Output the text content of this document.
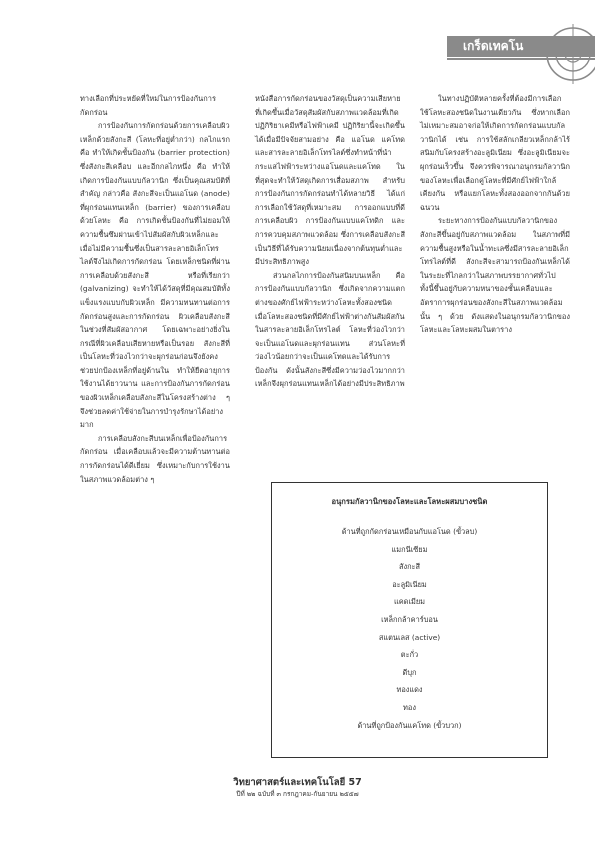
เกร็ดเทคโน

ทางเลือกที่ประหยัดที่ใหม่ในการป้องกันการกัดกร่อน

การป้องกันการกัดกร่อนด้วยการเคลือบผิวเหล็กด้วยสังกะสี (โลหะที่อยู่ต่ำกว่า) กลไกแรก คือ ทำให้เกิดชั้นป้องกัน (barrier protection) ซึ่งสังกะสีเคลือบ และอีกกลไกหนึ่ง คือ ทำให้เกิดการป้องกันแบบกัลวานิก ซึ่งเป็นคุณสมบัติที่สำคัญ กล่าวคือ สังกะสีจะเป็นแอโนด (anode) ที่ผุกร่อนแทนเหล็ก (barrier) ของการเคลือบด้วยโลหะ คือ การเกิดชั้นป้องกันที่ไม่ยอมให้ความชื้นซึมผ่านเข้าไปสัมผัสกับผิวเหล็กและเมื่อไม่มีความชื้นซึ่งเป็นสารละลายอิเล็กโทรไลต์จึงไม่เกิดการกัดกร่อน โดยเหล็กชนิดที่ผ่านการเคลือบด้วยสังกะสี หรือที่เรียกว่า (galvanizing) จะทำให้ได้วัสดุที่มีคุณสมบัติทั้งแข็งแรงแบบกับผิวเหล็ก มีความทนทานต่อการกัดกร่อนสูงและการกัดกร่อน ผิวเคลือบสังกะสีในช่วงที่สัมผัสอากาศ โดยเฉพาะอย่างยิ่งในกรณีที่ผิวเคลือบเสียหายหรือเป็นรอย สังกะสีที่เป็นโลหะที่ว่องไวกว่าจะผุกร่อนก่อนจึงยังคงช่วยปกป้องเหล็กที่อยู่ด้านใน ทำให้ยืดอายุการใช้งานได้ยาวนาน และการป้องกันการกัดกร่อนของผิวเหล็กเคลือบสังกะสีในโครงสร้างต่าง ๆ จึงช่วยลดค่าใช้จ่ายในการบำรุงรักษาได้อย่างมาก

การเคลือบสังกะสีบนเหล็กเพื่อป้องกันการกัดกร่อน เมื่อเคลือบแล้วจะมีความต้านทานต่อการกัดกร่อนได้ดีเยี่ยม ซึ่งเหมาะกับการใช้งานในสภาพแวดล้อมต่าง ๆ

หนังสือการกัดกร่อนของวัสดุเป็นความเสียหายที่เกิดขึ้นเมื่อวัสดุสัมผัสกับสภาพแวดล้อมที่เกิดปฏิกิริยาเคมีหรือไฟฟ้าเคมี ปฏิกิริยานี้จะเกิดขึ้นได้เมื่อมีปัจจัยสามอย่าง คือ แอโนด แคโทด และสารละลายอิเล็กโทรไลต์ซึ่งทำหน้าที่นำกระแสไฟฟ้าระหว่างแอโนดและแคโทด ในที่สุดจะทำให้วัสดุเกิดการเสื่อมสภาพ สำหรับการป้องกันการกัดกร่อนทำได้หลายวิธี ได้แก่ การเลือกใช้วัสดุที่เหมาะสม การออกแบบที่ดี การเคลือบผิว การป้องกันแบบแคโทดิก และการควบคุมสภาพแวดล้อม ซึ่งการเคลือบสังกะสีเป็นวิธีที่ได้รับความนิยมเนื่องจากต้นทุนต่ำและมีประสิทธิภาพสูง

ส่วนกลไกการป้องกันสนิมบนเหล็ก คือ การป้องกันแบบกัลวานิก ซึ่งเกิดจากความแตกต่างของศักย์ไฟฟ้าระหว่างโลหะทั้งสองชนิด เมื่อโลหะสองชนิดที่มีศักย์ไฟฟ้าต่างกันสัมผัสกันในสารละลายอิเล็กโทรไลต์ โลหะที่ว่องไวกว่าจะเป็นแอโนดและผุกร่อนแทน ส่วนโลหะที่ว่องไวน้อยกว่าจะเป็นแคโทดและได้รับการป้องกัน ดังนั้นสังกะสีซึ่งมีความว่องไวมากกว่าเหล็กจึงผุกร่อนแทนเหล็กได้อย่างมีประสิทธิภาพ

ในทางปฏิบัติหลายครั้งที่ต้องมีการเลือกใช้โลหะสองชนิดในงานเดียวกัน ซึ่งหากเลือกไม่เหมาะสมอาจก่อให้เกิดการกัดกร่อนแบบกัลวานิกได้ เช่น การใช้สลักเกลียวเหล็กกล้าไร้สนิมกับโครงสร้างอะลูมิเนียม ซึ่งอะลูมิเนียมจะผุกร่อนเร็วขึ้น จึงควรพิจารณาอนุกรมกัลวานิกของโลหะเพื่อเลือกคู่โลหะที่มีศักย์ไฟฟ้าใกล้เคียงกัน หรือแยกโลหะทั้งสองออกจากกันด้วยฉนวน

ระยะทางการป้องกันแบบกัลวานิกของสังกะสีขึ้นอยู่กับสภาพแวดล้อม ในสภาพที่มีความชื้นสูงหรือในน้ำทะเลซึ่งมีสารละลายอิเล็กโทรไลต์ที่ดี สังกะสีจะสามารถป้องกันเหล็กได้ในระยะที่ไกลกว่าในสภาพบรรยากาศทั่วไป ทั้งนี้ขึ้นอยู่กับความหนาของชั้นเคลือบและอัตราการผุกร่อนของสังกะสีในสภาพแวดล้อมนั้น ๆ ด้วย ดังแสดงในอนุกรมกัลวานิกของโลหะและโลหะผสมในตาราง

อนุกรมกัลวานิกของโลหะและโลหะผสมบางชนิด
ด้านที่ถูกกัดกร่อนเหมือนกับแอโนด (ขั้วลบ)
แมกนีเซียม
สังกะสี
อะลูมิเนียม
แคดเมียม
เหล็กกล้าคาร์บอน
สแตนเลส (active)
ตะกั่ว
ดีบุก
ทองแดง
ทอง
ด้านที่ถูกป้องกันแคโทด (ขั้วบวก)
วิทยาศาสตร์และเทคโนโลยี 57
ปีที่ ๒๒ ฉบับที่ ๓ กรกฎาคม-กันยายน ๒๕๕๗
